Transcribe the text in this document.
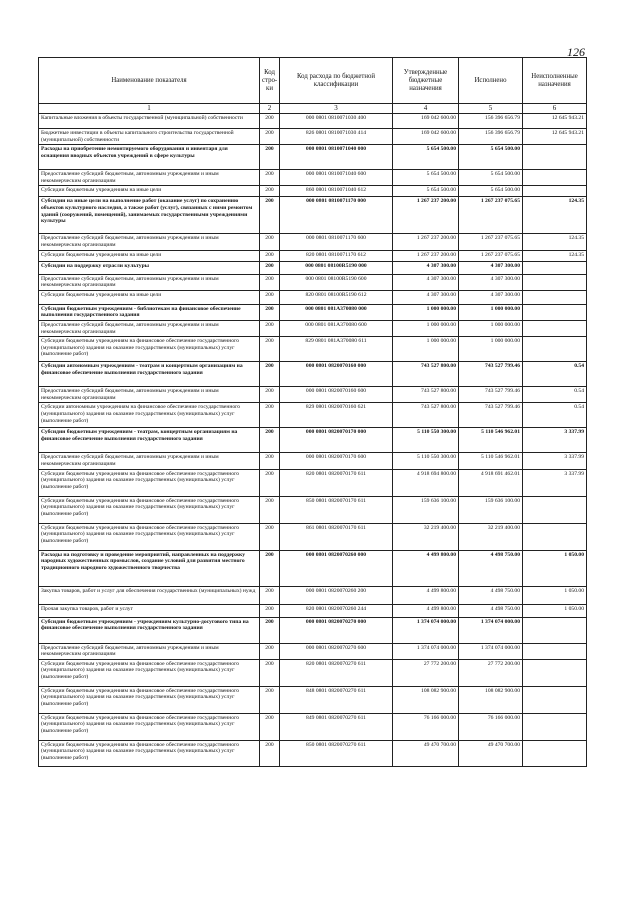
126
Наименование показателя	Код стро-ки	Код расхода по бюджетной классификации	Утвержденные бюджетные назначения	Исполнено	Неисполненные назначения
1	2	3	4	5	6
Капитальные вложения в объекты государственной (муниципальной) собственности	200	000 0801 0810071030 400	169 042 600.00	156 396 656.79	12 645 943.21
Бюджетные инвестиции в объекты капитального строительства государственной (муниципальной) собственности	200	826 0801 0810071030 414	169 042 600.00	156 396 656.79	12 645 943.21
Расходы на приобретение немонтируемого оборудования и инвентаря для оснащения вводных объектов учреждений в сфере культуры	200	000 0801 0810071040 000	5 654 500.00	5 654 500.00	
Предоставление субсидий бюджетным, автономным учреждениям и иным некоммерческим организациям	200	000 0801 0810071040 600	5 654 500.00	5 654 500.00	
Субсидии бюджетным учреждениям на иные цели	200	860 0801 0810071040 612	5 654 500.00	5 654 500.00	
Субсидии на иные цели на выполнение работ (оказание услуг) по сохранению объектов культурного наследия, а также работ (услуг), связанных с ними ремонтом зданий (сооружений, помещений), занимаемых государственными учреждениями культуры	200	000 0801 0810071170 000	1 267 237 200.00	1 267 237 075.65	124.35
Предоставление субсидий бюджетным, автономным учреждениям и иным некоммерческим организациям	200	000 0801 0810071170 600	1 267 237 200.00	1 267 237 075.65	124.35
Субсидии бюджетным учреждениям на иные цели	200	820 0801 0810071170 612	1 267 237 200.00	1 267 237 075.65	124.35
Субсидии на поддержку отрасли культуры	200	000 0801 08100R5190 000	4 307 300.00	4 307 300.00	
Предоставление субсидий бюджетным, автономным учреждениям и иным некоммерческим организациям	200	000 0801 08100R5190 600	4 307 300.00	4 307 300.00	
Субсидии бюджетным учреждениям на иные цели	200	820 0801 08100R5190 612	4 307 300.00	4 307 300.00	
Субсидии бюджетным учреждениям - библиотекам на финансовое обеспечение выполнения государственного задания	200	000 0801 081A370080 000	1 000 000.00	1 000 000.00	
Предоставление субсидий бюджетным, автономным учреждениям и иным некоммерческим организациям	200	000 0801 081A370080 600	1 000 000.00	1 000 000.00	
Субсидии бюджетным учреждениям на финансовое обеспечение государственного (муниципального) задания на оказание государственных (муниципальных) услуг (выполнение работ)	200	829 0801 081A370080 611	1 000 000.00	1 000 000.00	
Субсидии автономным учреждениям - театрам и концертным организациям на финансовое обеспечение выполнения государственного задания	200	000 0801 0820070160 000	743 527 800.00	743 527 799.46	0.54
Предоставление субсидий бюджетным, автономным учреждениям и иным некоммерческим организациям	200	000 0801 0820070160 600	743 527 800.00	743 527 799.46	0.54
Субсидии автономным учреждениям на финансовое обеспечение государственного (муниципального) задания на оказание государственных (муниципальных) услуг (выполнение работ)	200	829 0801 0820070160 621	743 527 800.00	743 527 799.46	0.54
Субсидии бюджетным учреждениям - театрам, концертным организациям на финансовое обеспечение выполнения государственного задания	200	000 0801 0820070170 000	5 110 550 300.00	5 110 546 962.01	3 337.99
Предоставление субсидий бюджетным, автономным учреждениям и иным некоммерческим организациям	200	000 0801 0820070170 600	5 110 550 300.00	5 110 546 962.01	3 337.99
Субсидии бюджетным учреждениям на финансовое обеспечение государственного (муниципального) задания на оказание государственных (муниципальных) услуг (выполнение работ)	200	820 0801 0820070170 611	4 918 694 800.00	4 918 691 462.01	3 337.99
Субсидии бюджетным учреждениям на финансовое обеспечение государственного (муниципального) задания на оказание государственных (муниципальных) услуг (выполнение работ)	200	850 0801 0820070170 611	159 636 100.00	159 636 100.00	
Субсидии бюджетным учреждениям на финансовое обеспечение государственного (муниципального) задания на оказание государственных (муниципальных) услуг (выполнение работ)	200	861 0801 0820070170 611	32 219 400.00	32 219 400.00	
Расходы на подготовку и проведение мероприятий, направленных на поддержку народных художественных промыслов, создание условий для развития местного традиционного народного художественного творчества	200	000 0801 0820070260 000	4 499 800.00	4 498 750.00	1 050.00
Закупка товаров, работ и услуг для обеспечения государственных (муниципальных) нужд	200	000 0801 0820070260 200	4 499 800.00	4 498 750.00	1 050.00
Прочая закупка товаров, работ и услуг	200	820 0801 0820070260 244	4 499 800.00	4 498 750.00	1 050.00
Субсидии бюджетным учреждениям - учреждениям культурно-досугового типа на финансовое обеспечение выполнения государственного задания	200	000 0801 0820070270 000	1 374 074 000.00	1 374 074 000.00	
Предоставление субсидий бюджетным, автономным учреждениям и иным некоммерческим организациям	200	000 0801 0820070270 600	1 374 074 000.00	1 374 074 000.00	
Субсидии бюджетным учреждениям на финансовое обеспечение государственного (муниципального) задания на оказание государственных (муниципальных) услуг (выполнение работ)	200	820 0801 0820070270 611	27 772 200.00	27 772 200.00	
Субсидии бюджетным учреждениям на финансовое обеспечение государственного (муниципального) задания на оказание государственных (муниципальных) услуг (выполнение работ)	200	848 0801 0820070270 611	108 082 900.00	108 082 900.00	
Субсидии бюджетным учреждениям на финансовое обеспечение государственного (муниципального) задания на оказание государственных (муниципальных) услуг (выполнение работ)	200	849 0801 0820070270 611	76 166 000.00	76 166 000.00	
Субсидии бюджетным учреждениям на финансовое обеспечение государственного (муниципального) задания на оказание государственных (муниципальных) услуг (выполнение работ)	200	850 0801 0820070270 611	49 470 700.00	49 470 700.00	
